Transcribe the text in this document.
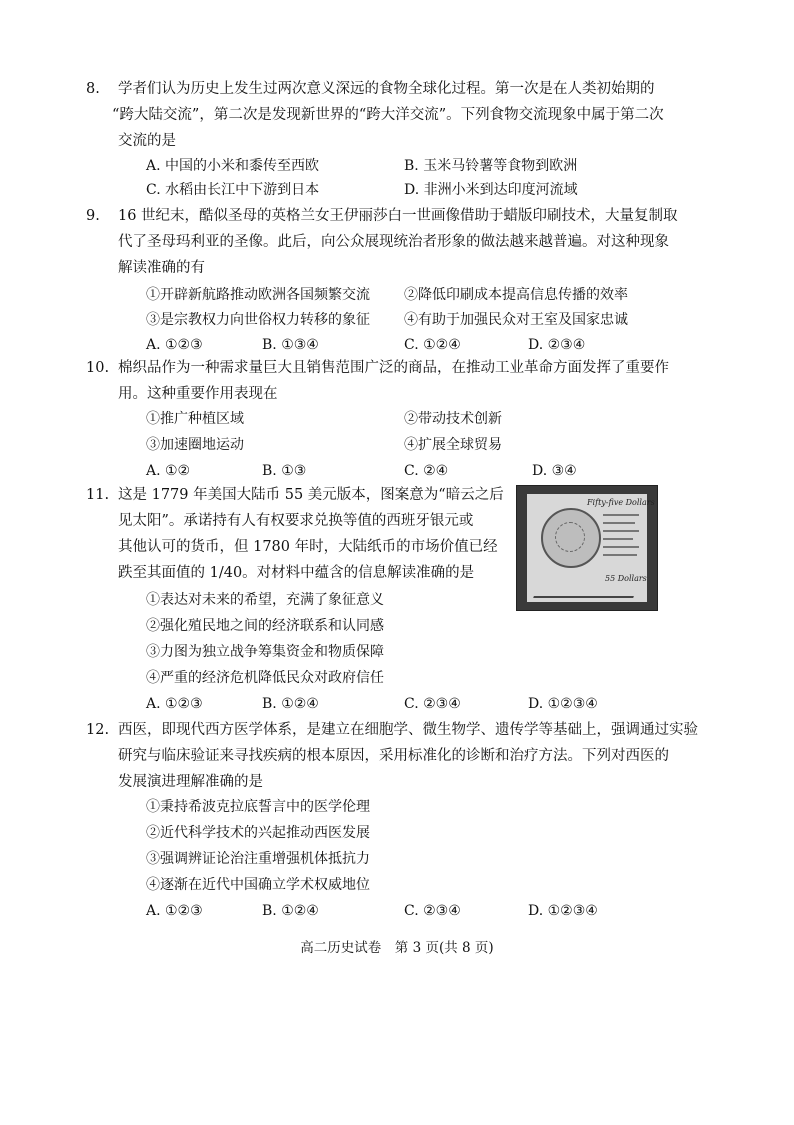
8. 学者们认为历史上发生过两次意义深远的食物全球化过程。第一次是在人类初始期的
“跨大陆交流”，第二次是发现新世界的“跨大洋交流”。下列食物交流现象中属于第二次
交流的是
A. 中国的小米和黍传至西欧	B. 玉米马铃薯等食物到欧洲
C. 水稻由长江中下游到日本	D. 非洲小米到达印度河流域
9. 16 世纪末，酷似圣母的英格兰女王伊丽莎白一世画像借助于蜡版印刷技术，大量复制取
代了圣母玛利亚的圣像。此后，向公众展现统治者形象的做法越来越普遍。对这种现象
解读准确的有
①开辟新航路推动欧洲各国频繁交流 ②降低印刷成本提高信息传播的效率
③是宗教权力向世俗权力转移的象征 ④有助于加强民众对王室及国家忠诚
A. ①②③	B. ①③④	C. ①②④	D. ②③④
10. 棉织品作为一种需求量巨大且销售范围广泛的商品，在推动工业革命方面发挥了重要作
用。这种重要作用表现在
①推广种植区域	②带动技术创新
③加速圈地运动	④扩展全球贸易
A. ①②	B. ①③	C. ②④	D. ③④
11. 这是 1779 年美国大陆币 55 美元版本，图案意为“暗云之后
见太阳”。承诺持有人有权要求兑换等值的西班牙银元或
其他认可的货币，但 1780 年时，大陆纸币的市场价值已经
跌至其面值的 1/40。对材料中蕴含的信息解读准确的是
①表达对未来的希望，充满了象征意义
②强化殖民地之间的经济联系和认同感
③力图为独立战争筹集资金和物质保障
④严重的经济危机降低民众对政府信任
A. ①②③	B. ①②④	C. ②③④	D. ①②③④
Fifty-five Dollars
55 Dollars
12. 西医，即现代西方医学体系，是建立在细胞学、微生物学、遗传学等基础上，强调通过实验
研究与临床验证来寻找疾病的根本原因，采用标准化的诊断和治疗方法。下列对西医的
发展演进理解准确的是
①秉持希波克拉底誓言中的医学伦理
②近代科学技术的兴起推动西医发展
③强调辨证论治注重增强机体抵抗力
④逐渐在近代中国确立学术权威地位
A. ①②③	B. ①②④	C. ②③④	D. ①②③④
高二历史试卷　第 3 页(共 8 页)
